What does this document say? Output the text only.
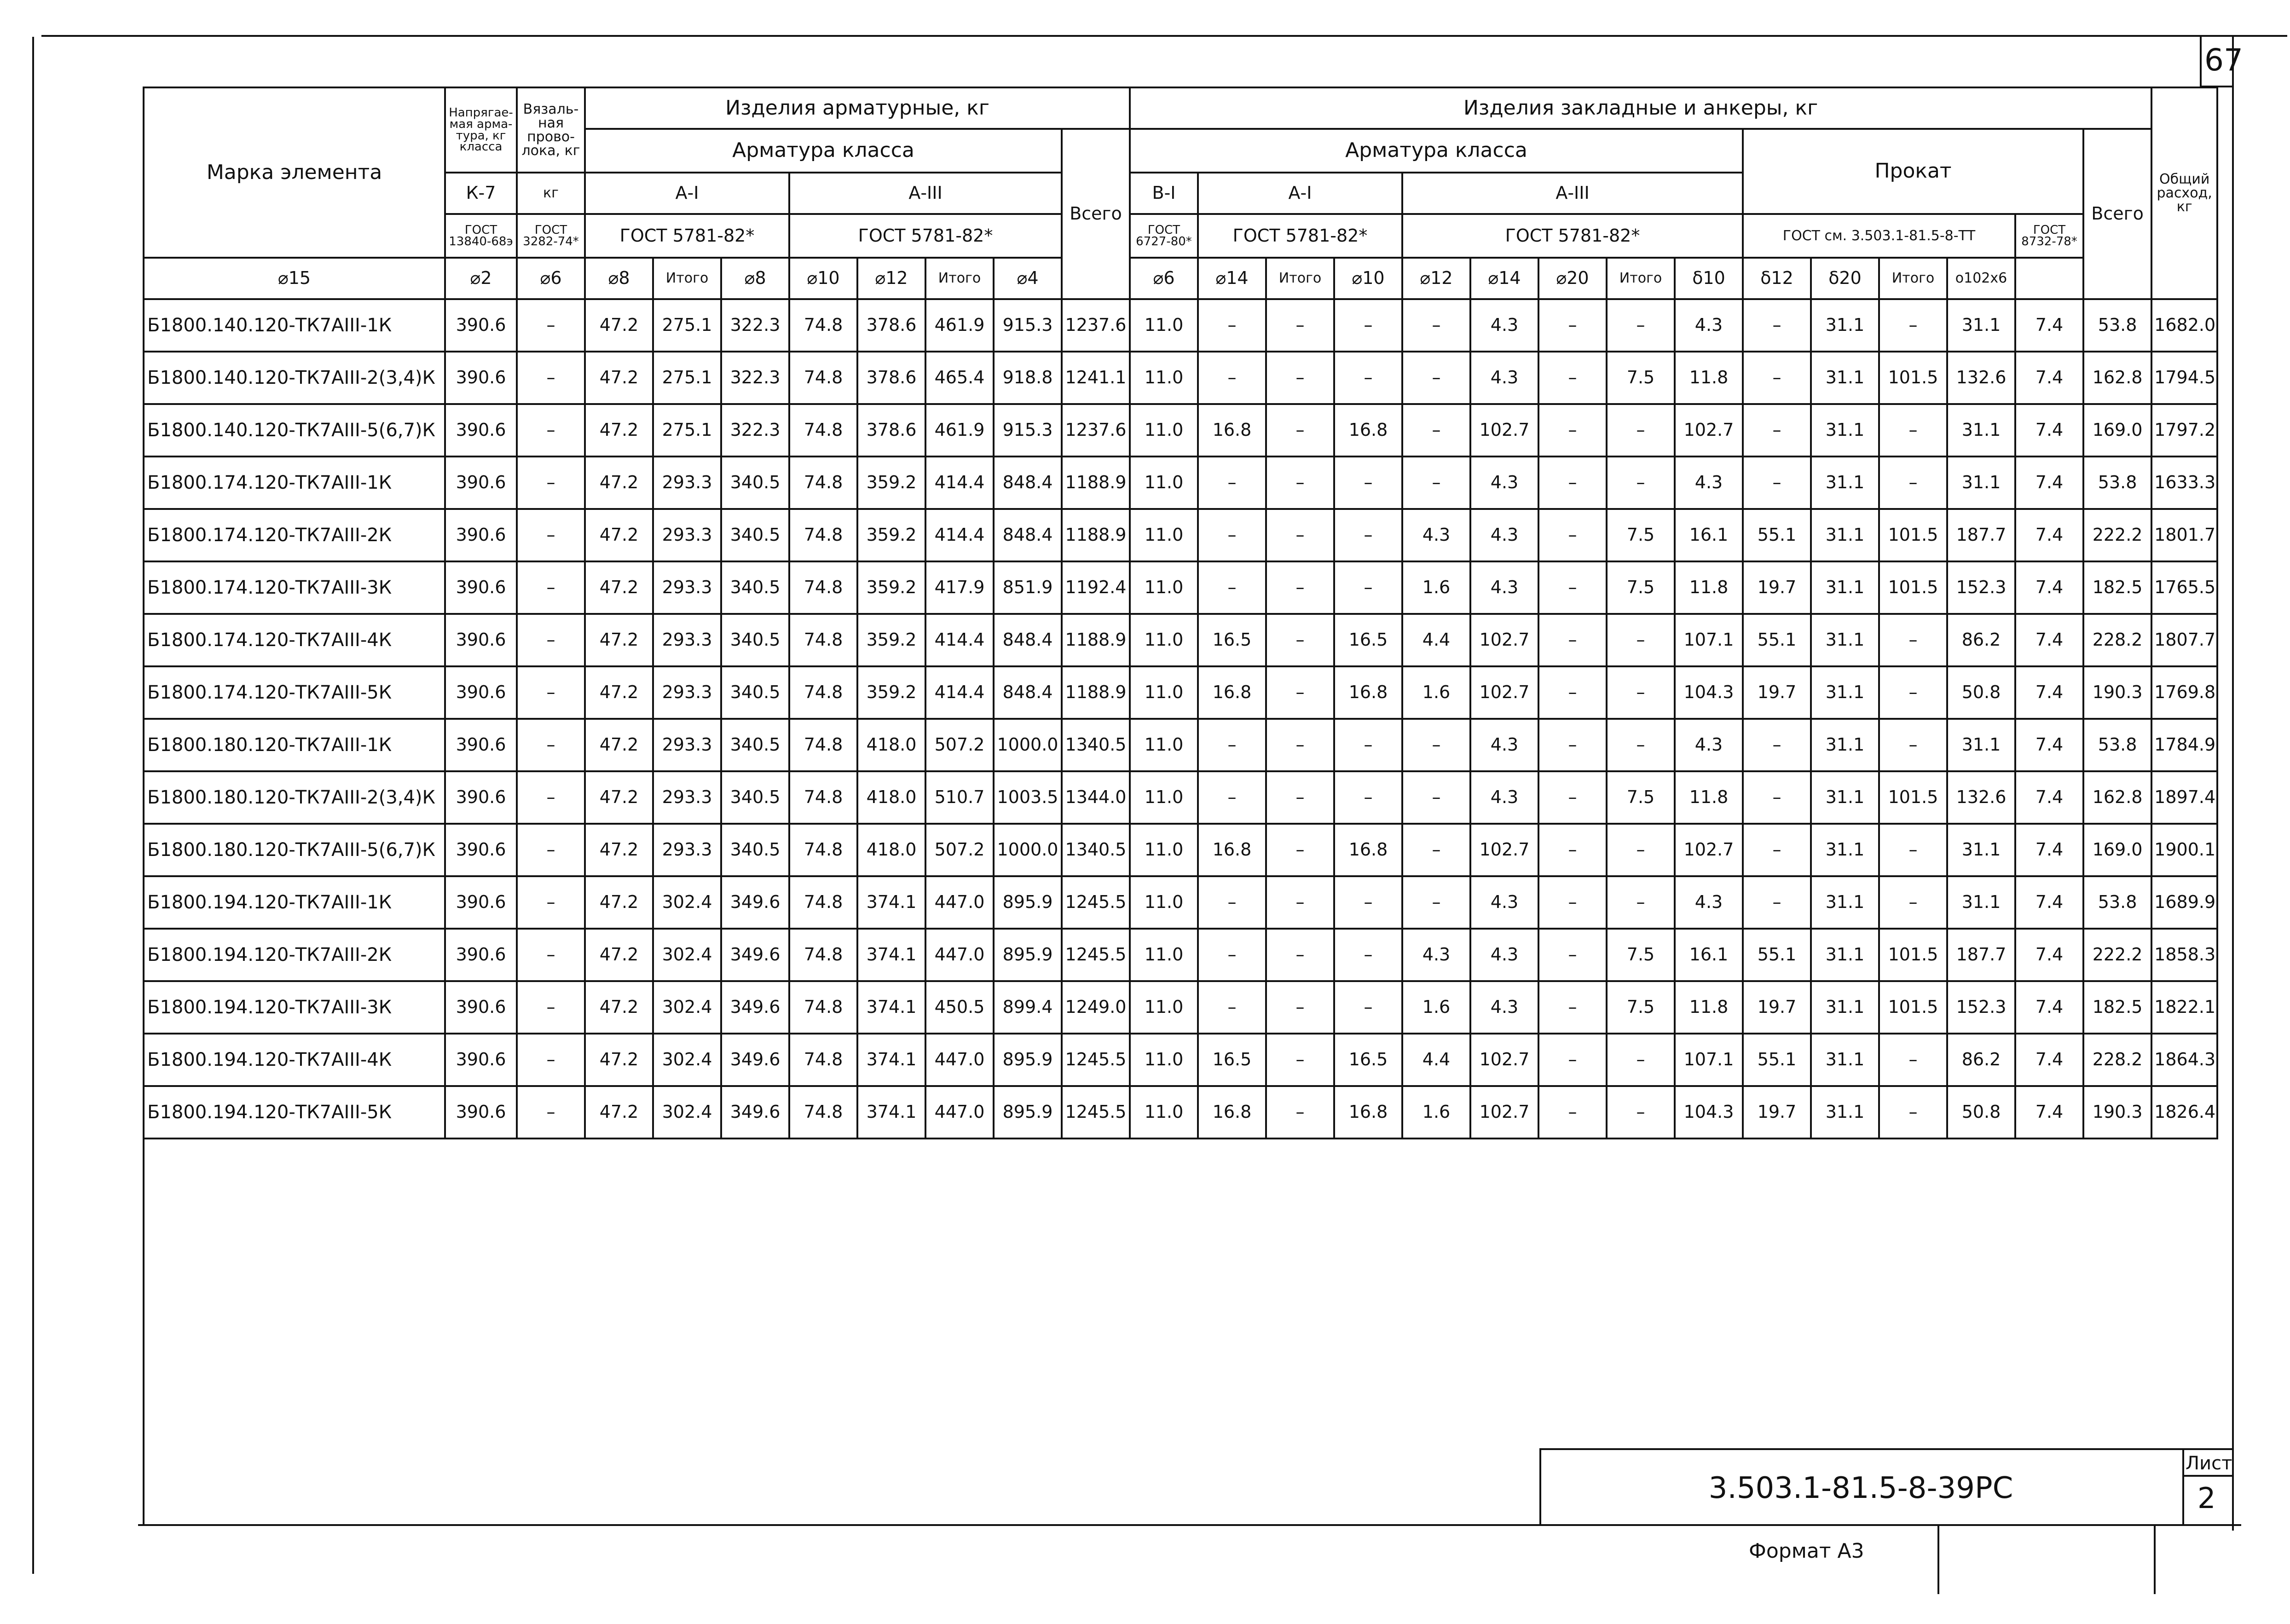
67
Марка элемента	Напрягае-мая арма-тура, кг класса	Вязаль-ная прово-лока, кг	Изделия арматурные, кг								Изделия закладные и анкеры, кг															Общий расход, кг
			Арматура класса							Всего	Арматура класса									Прокат					Всего	
	К-7	кг	А-I			А-III					В-I	А-I			А-III											
	ГОСТ 13840-68э	ГОСТ 3282-74*	ГОСТ 5781-82*			ГОСТ 5781-82*					ГОСТ 6727-80*	ГОСТ 5781-82*			ГОСТ 5781-82*					ГОСТ см. 3.503.1-81.5-8-ТТ				ГОСТ 8732-78*		
⌀15	⌀2	⌀6	⌀8	Итого	⌀8	⌀10	⌀12	Итого	⌀4		⌀6	⌀14	Итого	⌀10	⌀12	⌀14	⌀20	Итого	δ10	δ12	δ20	Итого	о102х6			
Б1800.140.120-ТК7АIII-1К	390.6	–	47.2	275.1	322.3	74.8	378.6	461.9	915.3	1237.6	11.0	–	–	–	–	4.3	–	–	4.3	–	31.1	–	31.1	7.4	53.8	1682.0
Б1800.140.120-ТК7АIII-2(3,4)К	390.6	–	47.2	275.1	322.3	74.8	378.6	465.4	918.8	1241.1	11.0	–	–	–	–	4.3	–	7.5	11.8	–	31.1	101.5	132.6	7.4	162.8	1794.5
Б1800.140.120-ТК7АIII-5(6,7)К	390.6	–	47.2	275.1	322.3	74.8	378.6	461.9	915.3	1237.6	11.0	16.8	–	16.8	–	102.7	–	–	102.7	–	31.1	–	31.1	7.4	169.0	1797.2
Б1800.174.120-ТК7АIII-1К	390.6	–	47.2	293.3	340.5	74.8	359.2	414.4	848.4	1188.9	11.0	–	–	–	–	4.3	–	–	4.3	–	31.1	–	31.1	7.4	53.8	1633.3
Б1800.174.120-ТК7АIII-2К	390.6	–	47.2	293.3	340.5	74.8	359.2	414.4	848.4	1188.9	11.0	–	–	–	4.3	4.3	–	7.5	16.1	55.1	31.1	101.5	187.7	7.4	222.2	1801.7
Б1800.174.120-ТК7АIII-3К	390.6	–	47.2	293.3	340.5	74.8	359.2	417.9	851.9	1192.4	11.0	–	–	–	1.6	4.3	–	7.5	11.8	19.7	31.1	101.5	152.3	7.4	182.5	1765.5
Б1800.174.120-ТК7АIII-4К	390.6	–	47.2	293.3	340.5	74.8	359.2	414.4	848.4	1188.9	11.0	16.5	–	16.5	4.4	102.7	–	–	107.1	55.1	31.1	–	86.2	7.4	228.2	1807.7
Б1800.174.120-ТК7АIII-5К	390.6	–	47.2	293.3	340.5	74.8	359.2	414.4	848.4	1188.9	11.0	16.8	–	16.8	1.6	102.7	–	–	104.3	19.7	31.1	–	50.8	7.4	190.3	1769.8
Б1800.180.120-ТК7АIII-1К	390.6	–	47.2	293.3	340.5	74.8	418.0	507.2	1000.0	1340.5	11.0	–	–	–	–	4.3	–	–	4.3	–	31.1	–	31.1	7.4	53.8	1784.9
Б1800.180.120-ТК7АIII-2(3,4)К	390.6	–	47.2	293.3	340.5	74.8	418.0	510.7	1003.5	1344.0	11.0	–	–	–	–	4.3	–	7.5	11.8	–	31.1	101.5	132.6	7.4	162.8	1897.4
Б1800.180.120-ТК7АIII-5(6,7)К	390.6	–	47.2	293.3	340.5	74.8	418.0	507.2	1000.0	1340.5	11.0	16.8	–	16.8	–	102.7	–	–	102.7	–	31.1	–	31.1	7.4	169.0	1900.1
Б1800.194.120-ТК7АIII-1К	390.6	–	47.2	302.4	349.6	74.8	374.1	447.0	895.9	1245.5	11.0	–	–	–	–	4.3	–	–	4.3	–	31.1	–	31.1	7.4	53.8	1689.9
Б1800.194.120-ТК7АIII-2К	390.6	–	47.2	302.4	349.6	74.8	374.1	447.0	895.9	1245.5	11.0	–	–	–	4.3	4.3	–	7.5	16.1	55.1	31.1	101.5	187.7	7.4	222.2	1858.3
Б1800.194.120-ТК7АIII-3К	390.6	–	47.2	302.4	349.6	74.8	374.1	450.5	899.4	1249.0	11.0	–	–	–	1.6	4.3	–	7.5	11.8	19.7	31.1	101.5	152.3	7.4	182.5	1822.1
Б1800.194.120-ТК7АIII-4К	390.6	–	47.2	302.4	349.6	74.8	374.1	447.0	895.9	1245.5	11.0	16.5	–	16.5	4.4	102.7	–	–	107.1	55.1	31.1	–	86.2	7.4	228.2	1864.3
Б1800.194.120-ТК7АIII-5К	390.6	–	47.2	302.4	349.6	74.8	374.1	447.0	895.9	1245.5	11.0	16.8	–	16.8	1.6	102.7	–	–	104.3	19.7	31.1	–	50.8	7.4	190.3	1826.4

3.503.1-81.5-8-39РС
Лист
2
Формат А3
